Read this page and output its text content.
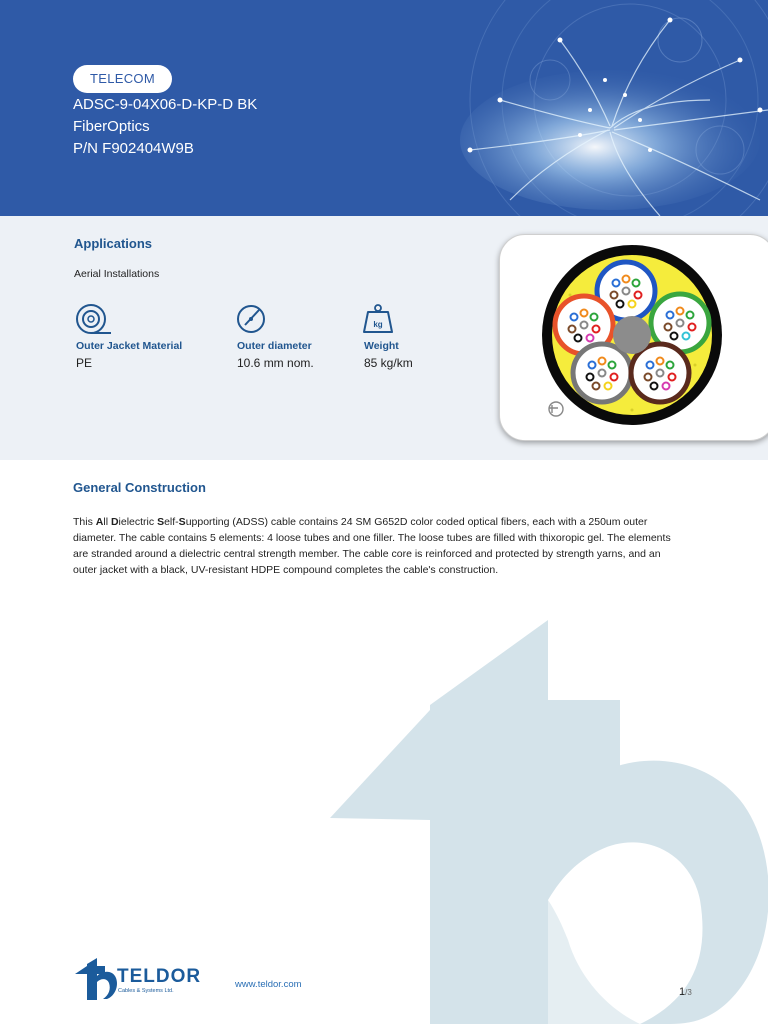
TELECOM
ADSC-9-04X06-D-KP-D BK
FiberOptics
P/N F902404W9B
Applications
Aerial Installations
Outer Jacket Material
PE
Outer diameter
10.6 mm nom.
kg
Weight
85 kg/km
General Construction
This All Dielectric Self-Supporting (ADSS) cable contains 24 SM G652D color coded optical fibers, each with a 250um outer diameter. The cable contains 5 elements: 4 loose tubes and one filler. The loose tubes are filled with thixoropic gel. The elements are stranded around a dielectric central strength member. The cable core is reinforced and protected by strength yarns, and an outer jacket with a black, UV-resistant HDPE compound completes the cable's construction.
TELDOR
Cables & Systems Ltd.
www.teldor.com
1/3
